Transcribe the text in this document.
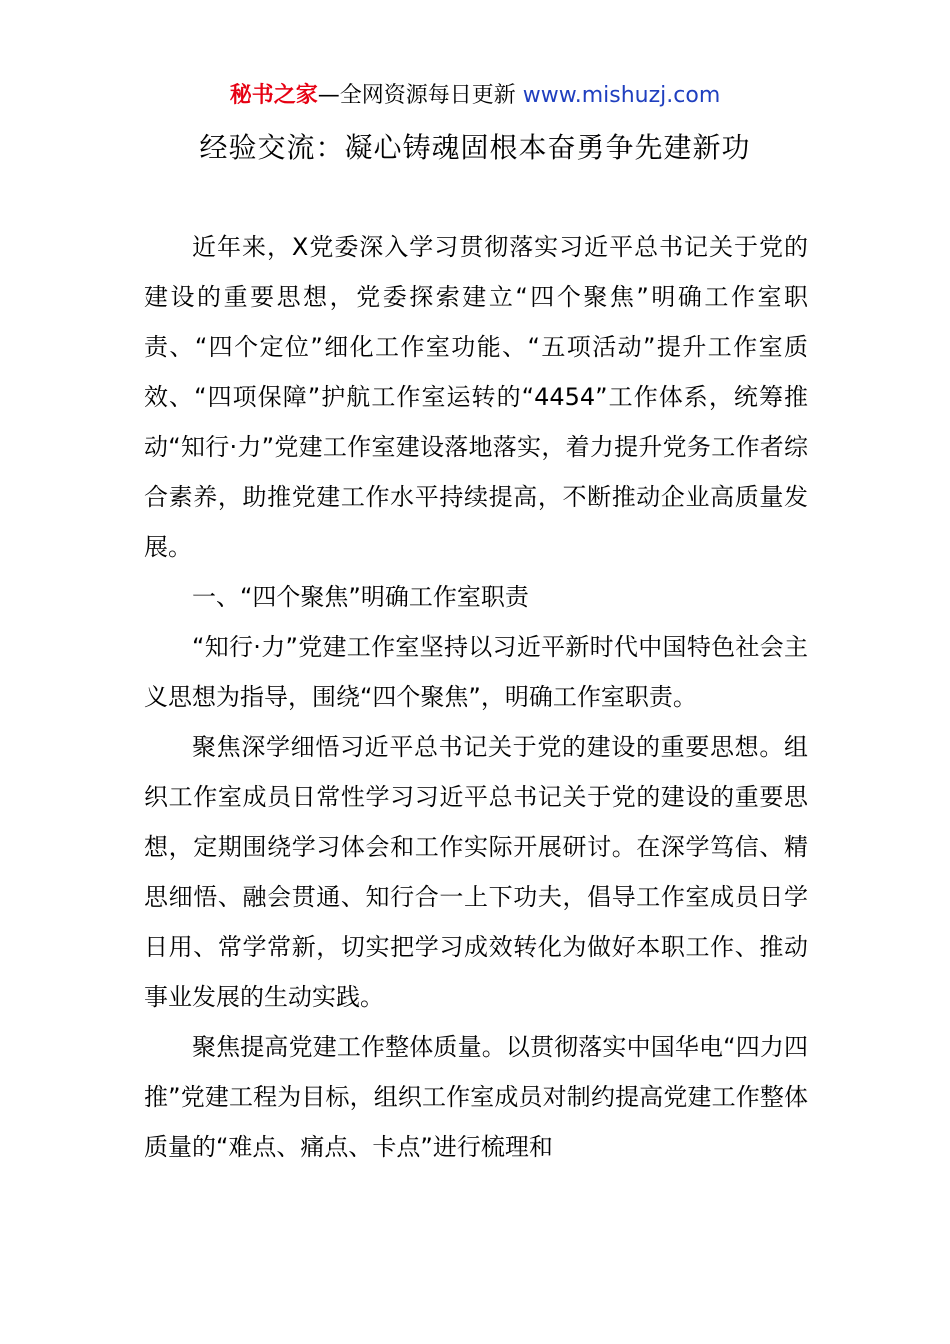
秘书之家—全网资源每日更新 www.mishuzj.com
经验交流：凝心铸魂固根本奋勇争先建新功

近年来，X党委深入学习贯彻落实习近平总书记关于党的建设的重要思想，党委探索建立“四个聚焦”明确工作室职责、“四个定位”细化工作室功能、“五项活动”提升工作室质效、“四项保障”护航工作室运转的“4454”工作体系，统筹推动“知行·力”党建工作室建设落地落实，着力提升党务工作者综合素养，助推党建工作水平持续提高，不断推动企业高质量发展。

一、“四个聚焦”明确工作室职责

“知行·力”党建工作室坚持以习近平新时代中国特色社会主义思想为指导，围绕“四个聚焦”，明确工作室职责。

聚焦深学细悟习近平总书记关于党的建设的重要思想。组织工作室成员日常性学习习近平总书记关于党的建设的重要思想，定期围绕学习体会和工作实际开展研讨。在深学笃信、精思细悟、融会贯通、知行合一上下功夫，倡导工作室成员日学日用、常学常新，切实把学习成效转化为做好本职工作、推动事业发展的生动实践。

聚焦提高党建工作整体质量。以贯彻落实中国华电“四力四推”党建工程为目标，组织工作室成员对制约提高党建工作整体质量的“难点、痛点、卡点”进行梳理和
